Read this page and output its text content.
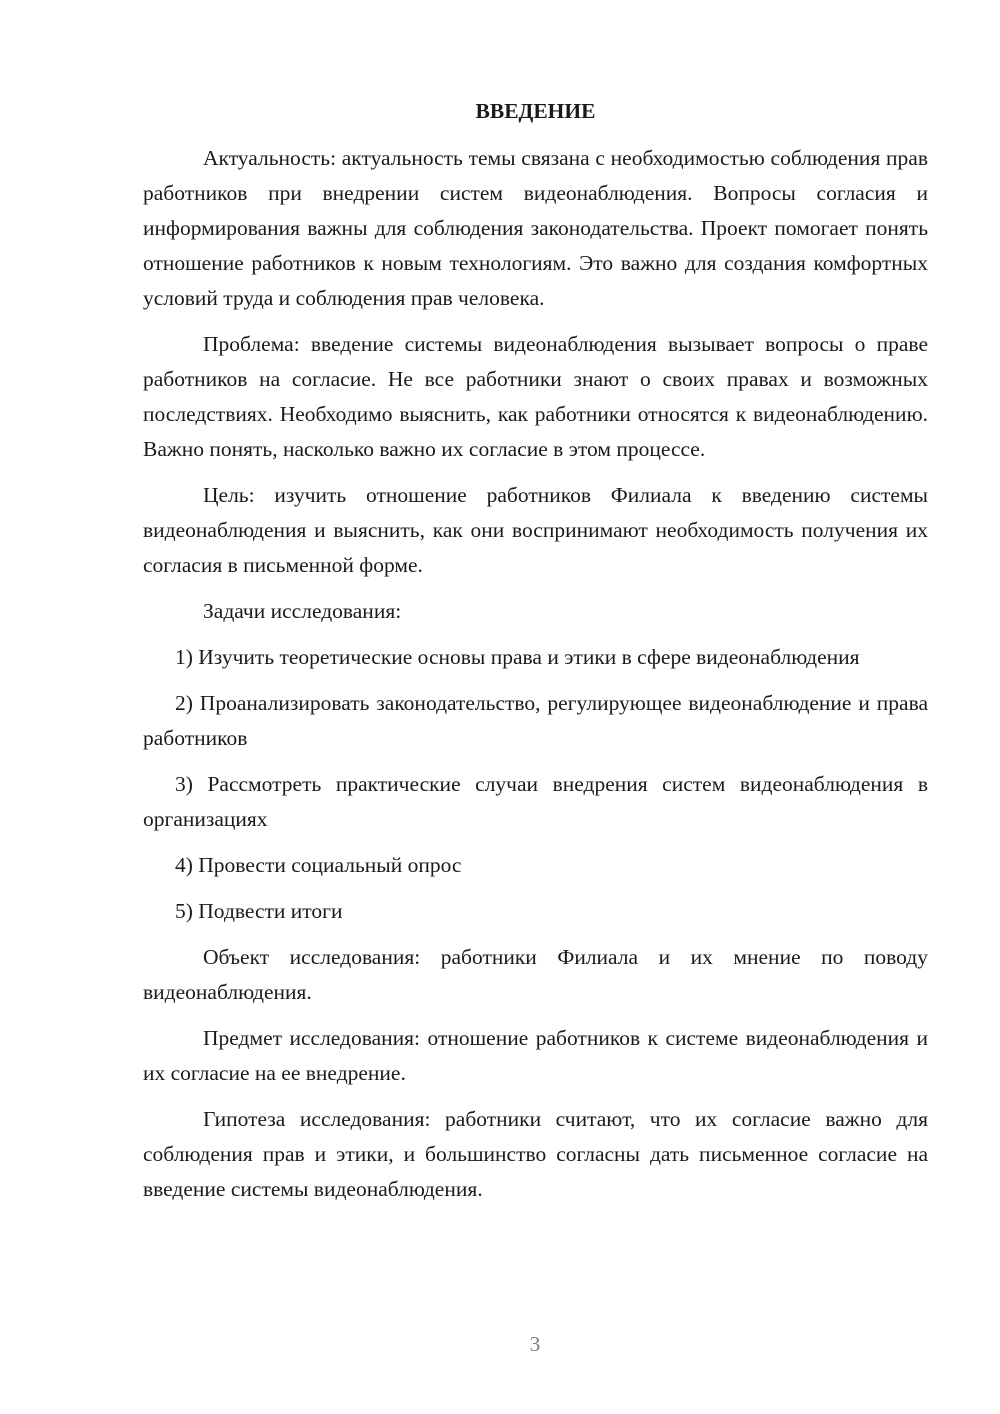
ВВЕДЕНИЕ

Актуальность: актуальность темы связана с необходимостью соблюдения прав работников при внедрении систем видеонаблюдения. Вопросы согласия и информирования важны для соблюдения законодательства. Проект помогает понять отношение работников к новым технологиям. Это важно для создания комфортных условий труда и соблюдения прав человека.

Проблема: введение системы видеонаблюдения вызывает вопросы о праве работников на согласие. Не все работники знают о своих правах и возможных последствиях. Необходимо выяснить, как работники относятся к видеонаблюдению. Важно понять, насколько важно их согласие в этом процессе.

Цель: изучить отношение работников Филиала к введению системы видеонаблюдения и выяснить, как они воспринимают необходимость получения их согласия в письменной форме.

Задачи исследования:

1) Изучить теоретические основы права и этики в сфере видеонаблюдения

2) Проанализировать законодательство, регулирующее видеонаблюдение и права работников

3) Рассмотреть практические случаи внедрения систем видеонаблюдения в организациях

4) Провести социальный опрос

5) Подвести итоги

Объект исследования: работники Филиала и их мнение по поводу видеонаблюдения.

Предмет исследования: отношение работников к системе видеонаблюдения и их согласие на ее внедрение.

Гипотеза исследования: работники считают, что их согласие важно для соблюдения прав и этики, и большинство согласны дать письменное согласие на введение системы видеонаблюдения.

3
